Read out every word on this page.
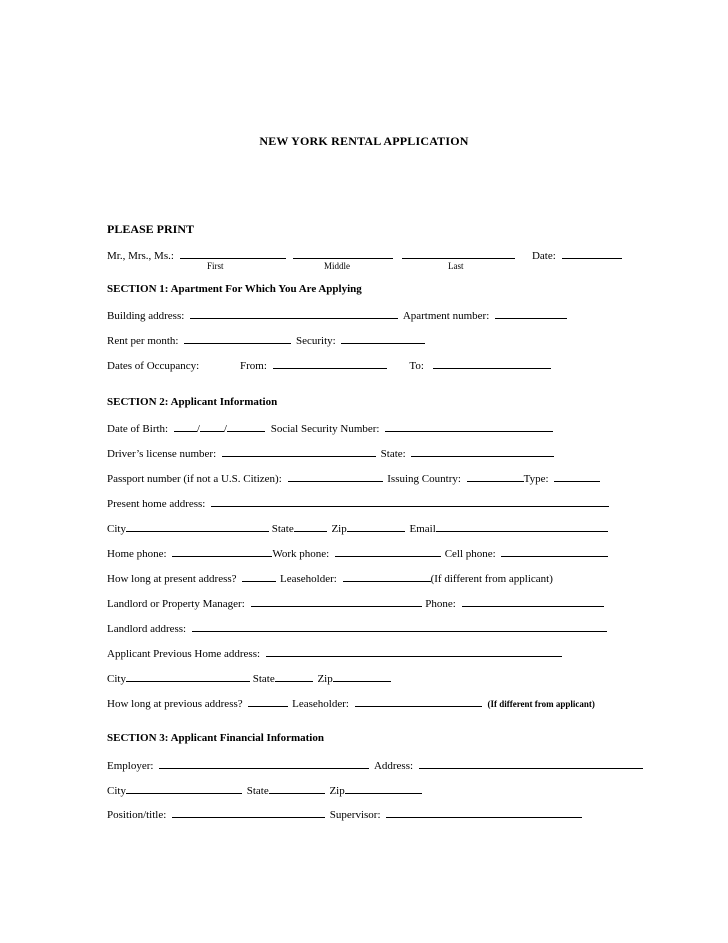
NEW YORK RENTAL APPLICATION
PLEASE PRINT
Mr., Mrs., Ms.:	Date:
First	Middle	Last
SECTION 1: Apartment For Which You Are Applying
Building address:	Apartment number:
Rent per month:	Security:
Dates of Occupancy:	From:	To:
SECTION 2: Applicant Information
Date of Birth:	/ /	Social Security Number:
Driver’s license number:	State:
Passport number (if not a U.S. Citizen):	Issuing Country:	Type:
Present home address:
City	State	Zip	Email
Home phone:	Work phone:	Cell phone:
How long at present address?	Leaseholder:	(If different from applicant)
Landlord or Property Manager:	Phone:
Landlord address:
Applicant Previous Home address:
City	State	Zip
How long at previous address?	Leaseholder:	(If different from applicant)
SECTION 3: Applicant Financial Information
Employer:	Address:
City	State	Zip
Position/title:	Supervisor:
